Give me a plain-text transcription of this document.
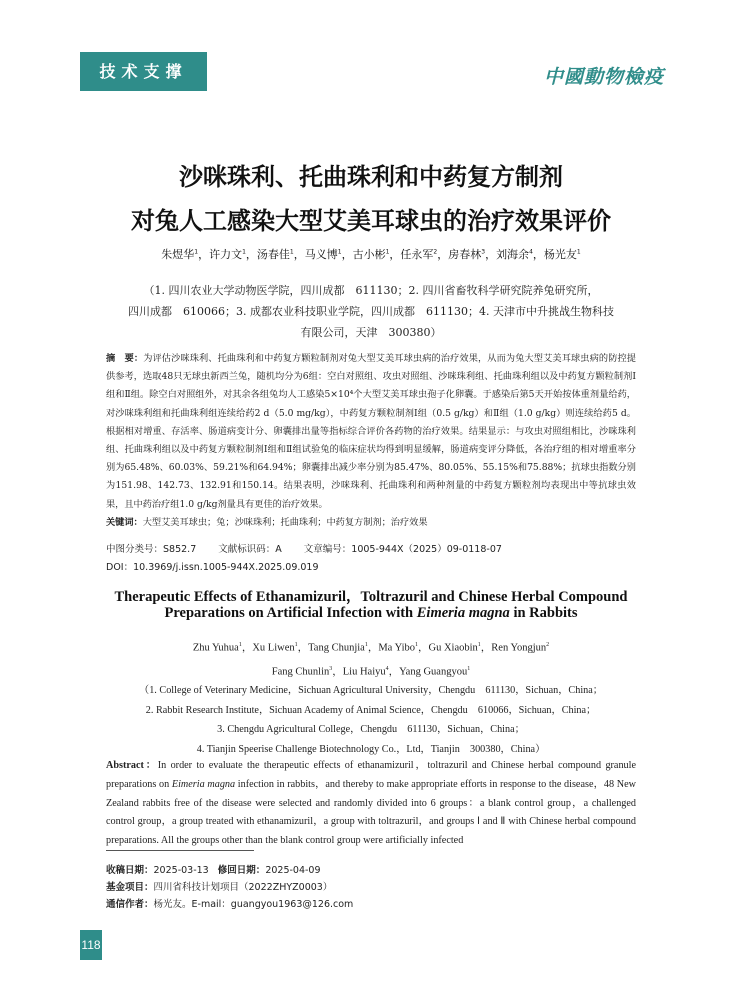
技术支撑	中國動物檢疫
沙咪珠利、托曲珠利和中药复方制剂
对兔人工感染大型艾美耳球虫的治疗效果评价
朱煜华$^1$，许力文$^1$，汤春佳$^1$，马义博$^1$，古小彬$^1$，任永军$^2$，房春林$^3$，刘海余$^4$，杨光友$^1$
（1. 四川农业大学动物医学院，四川成都　611130；2. 四川省畜牧科学研究院养兔研究所，
四川成都　610066；3. 成都农业科技职业学院，四川成都　611130；4. 天津市中升挑战生物科技
有限公司，天津　300380）
摘　要：为评估沙咪珠利、托曲珠利和中药复方颗粒制剂对兔大型艾美耳球虫病的治疗效果，从而为兔大型艾美耳球虫病的防控提供参考，选取48只无球虫新西兰兔，随机均分为6组：空白对照组、攻虫对照组、沙咪珠利组、托曲珠利组以及中药复方颗粒制剂Ⅰ组和Ⅱ组。除空白对照组外，对其余各组兔均人工感染5×10⁴个大型艾美耳球虫孢子化卵囊。于感染后第5天开始按体重剂量给药，对沙咪珠利组和托曲珠利组连续给药2 d（5.0 mg/kg），中药复方颗粒制剂Ⅰ组（0.5 g/kg）和Ⅱ组（1.0 g/kg）则连续给药5 d。根据相对增重、存活率、肠道病变计分、卵囊排出量等指标综合评价各药物的治疗效果。结果显示：与攻虫对照组相比，沙咪珠利组、托曲珠利组以及中药复方颗粒制剂Ⅰ组和Ⅱ组试验兔的临床症状均得到明显缓解，肠道病变评分降低，各治疗组的相对增重率分别为65.48%、60.03%、59.21%和64.94%；卵囊排出减少率分别为85.47%、80.05%、55.15%和75.88%；抗球虫指数分别为151.98、142.73、132.91和150.14。结果表明，沙咪珠利、托曲珠利和两种剂量的中药复方颗粒剂均表现出中等抗球虫效果，且中药治疗组1.0 g/kg剂量具有更佳的治疗效果。
关键词：大型艾美耳球虫；兔；沙咪珠利；托曲珠利；中药复方制剂；治疗效果
中图分类号：S852.7 文献标识码：A 文章编号：1005-944X（2025）09-0118-07
DOI：10.3969/j.issn.1005-944X.2025.09.019
Therapeutic Effects of Ethanamizuril，Toltrazuril and Chinese Herbal Compound
Preparations on Artificial Infection with Eimeria magna in Rabbits
Zhu Yuhua$^1$，Xu Liwen$^1$，Tang Chunjia$^1$，Ma Yibo$^1$，Gu Xiaobin$^1$，Ren Yongjun$^2$
Fang Chunlin$^3$，Liu Haiyu$^4$，Yang Guangyou$^1$
（1. College of Veterinary Medicine，Sichuan Agricultural University，Chengdu　611130，Sichuan，China；
2. Rabbit Research Institute，Sichuan Academy of Animal Science，Chengdu　610066，Sichuan，China；
3. Chengdu Agricultural College，Chengdu　611130，Sichuan，China；
4. Tianjin Speerise Challenge Biotechnology Co.，Ltd，Tianjin　300380，China）
Abstract：In order to evaluate the therapeutic effects of ethanamizuril，toltrazuril and Chinese herbal compound granule preparations on Eimeria magna infection in rabbits，and thereby to make appropriate efforts in response to the disease，48 New Zealand rabbits free of the disease were selected and randomly divided into 6 groups：a blank control group，a challenged control group，a group treated with ethanamizuril，a group with toltrazuril，and groups Ⅰ and Ⅱ with Chinese herbal compound preparations. All the groups other than the blank control group were artificially infected
收稿日期：2025-03-13 修回日期：2025-04-09
基金项目：四川省科技计划项目（2022ZHYZ0003）
通信作者：杨光友。E-mail：guangyou1963@126.com
118
